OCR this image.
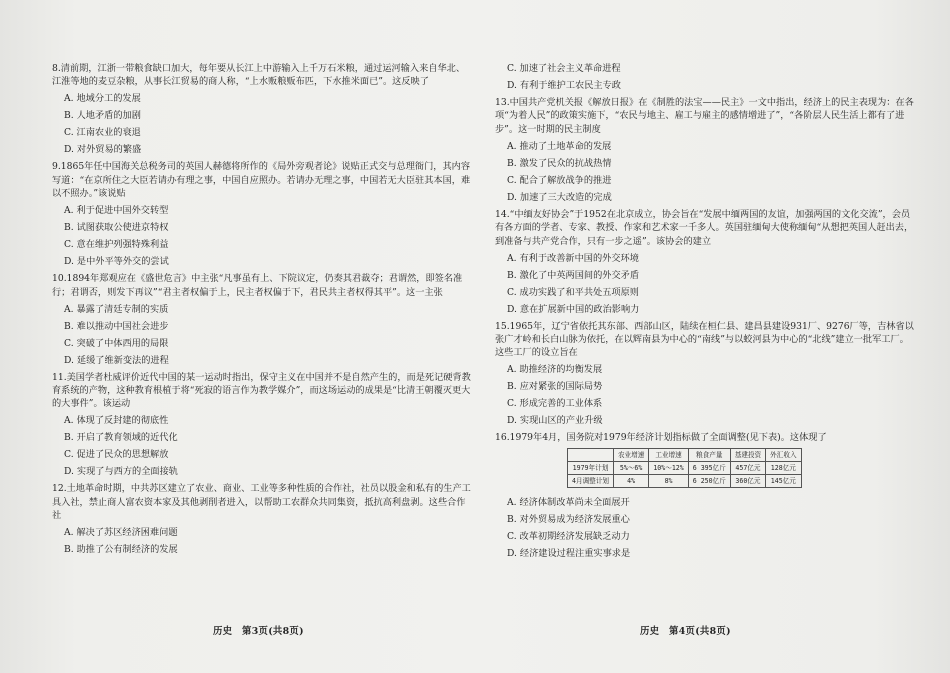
8.清前期，江浙一带粮食缺口加大，每年要从长江上中游输入上千万石米粮，通过运河输入来自华北、江淮等地的麦豆杂粮，从事长江贸易的商人称，“上水贩粮贩布匹，下水推米面已”。这反映了

A. 地域分工的发展
B. 人地矛盾的加剧
C. 江南农业的衰退
D. 对外贸易的繁盛

9.1865年任中国海关总税务司的英国人赫德将所作的《局外旁观者论》说贴正式交与总理衙门，其内容写道：“在京所住之大臣若请办有理之事，中国自应照办。若请办无理之事，中国若无大臣驻其本国，难以不照办。”该说贴

A. 利于促进中国外交转型
B. 试图获取公使进京特权
C. 意在维护列强特殊利益
D. 是中外平等外交的尝试

10.1894年郑观应在《盛世危言》中主张“凡事虽有上、下院议定，仍奏其君裁夺；君谓然，即签名准行；君谓否，则发下再议”“君主者权偏于上，民主者权偏于下，君民共主者权得其平”。这一主张

A. 暴露了清廷专制的实质
B. 难以推动中国社会进步
C. 突破了中体西用的局限
D. 延缓了维新变法的进程

11.美国学者杜威评价近代中国的某一运动时指出，保守主义在中国并不是自然产生的，而是死记硬背教育系统的产物，这种教育根植于将“死寂的语言作为教学媒介”，而这场运动的成果是“比清王朝覆灭更大的大事件”。该运动

A. 体现了反封建的彻底性
B. 开启了教育领域的近代化
C. 促进了民众的思想解放
D. 实现了与西方的全面接轨

12.土地革命时期，中共苏区建立了农业、商业、工业等多种性质的合作社，社员以股金和私有的生产工具入社，禁止商人富农资本家及其他剥削者进入，以帮助工农群众共同集资，抵抗高利盘剥。这些合作社

A. 解决了苏区经济困难问题
B. 助推了公有制经济的发展
C. 加速了社会主义革命进程
D. 有利于维护工农民主专政

13.中国共产党机关报《解放日报》在《制胜的法宝——民主》一文中指出，经济上的民主表现为：在各项“为着人民”的政策实施下，“农民与地主、雇工与雇主的感情增进了”，“各阶层人民生活上都有了进步”。这一时期的民主制度

A. 推动了土地革命的发展
B. 激发了民众的抗战热情
C. 配合了解放战争的推进
D. 加速了三大改造的完成

14.“中缅友好协会”于1952在北京成立，协会旨在“发展中缅两国的友谊，加强两国的文化交流”，会员有各方面的学者、专家、教授、作家和艺术家一千多人。英国驻缅甸大使称缅甸“从想把英国人赶出去，到准备与共产党合作，只有一步之遥”。该协会的建立

A. 有利于改善新中国的外交环境
B. 激化了中英两国间的外交矛盾
C. 成功实践了和平共处五项原则
D. 意在扩展新中国的政治影响力

15.1965年，辽宁省依托其东部、西部山区，陆续在桓仁县、建昌县建设931厂、9276厂等，吉林省以张广才岭和长白山脉为依托，在以辉南县为中心的“南线”与以蛟河县为中心的“北线”建立一批军工厂。这些工厂的设立旨在

A. 助推经济的均衡发展
B. 应对紧张的国际局势
C. 形成完善的工业体系
D. 实现山区的产业升级

16.1979年4月，国务院对1979年经济计划指标做了全面调整(见下表)。这体现了

	农业增速	工业增速	粮食产量	基建投资	外汇收入
1979年计划	5%～6%	10%～12%	6 395亿斤	457亿元	128亿元
4月调整计划	4%	8%	6 250亿斤	360亿元	145亿元
A. 经济体制改革尚未全面展开
B. 对外贸易成为经济发展重心
C. 改革初期经济发展缺乏动力
D. 经济建设过程注重实事求是
历史　第3页(共8页)	历史　第4页(共8页)
